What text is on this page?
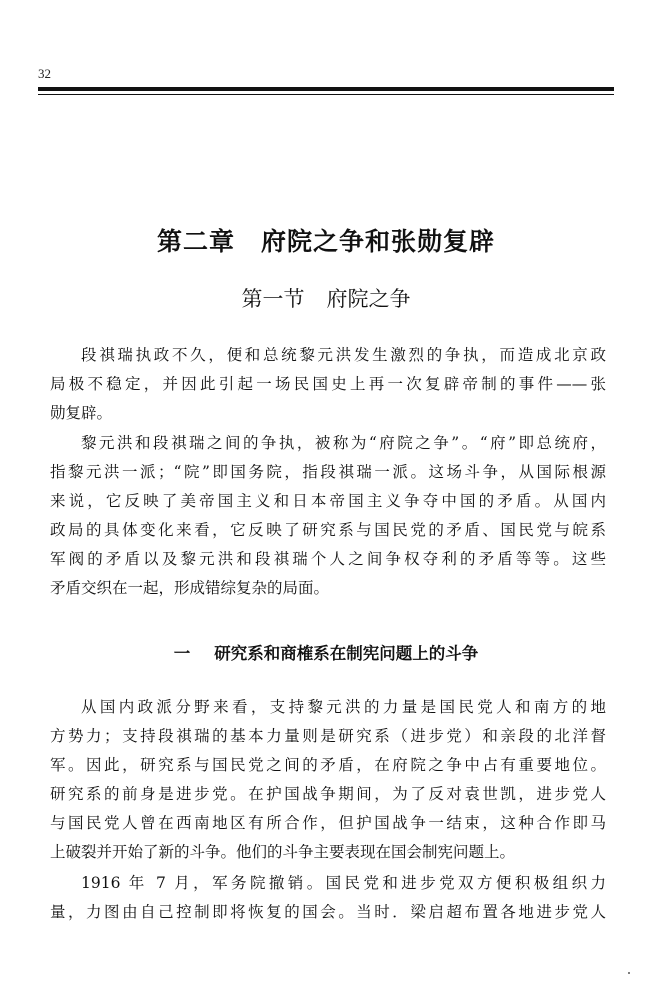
32
第二章 府院之争和张勋复辟
第一节 府院之争

段祺瑞执政不久，便和总统黎元洪发生激烈的争执，而造成北京政
局极不稳定，并因此引起一场民国史上再一次复辟帝制的事件——张
勋复辟。

黎元洪和段祺瑞之间的争执，被称为“府院之争”。“府”即总统府，
指黎元洪一派；“院”即国务院，指段祺瑞一派。这场斗争，从国际根源
来说，它反映了美帝国主义和日本帝国主义争夺中国的矛盾。从国内
政局的具体变化来看，它反映了研究系与国民党的矛盾、国民党与皖系
军阀的矛盾以及黎元洪和段祺瑞个人之间争权夺利的矛盾等等。这些
矛盾交织在一起，形成错综复杂的局面。

一 研究系和商榷系在制宪问题上的斗争

从国内政派分野来看，支持黎元洪的力量是国民党人和南方的地
方势力；支持段祺瑞的基本力量则是研究系（进步党）和亲段的北洋督
军。因此，研究系与国民党之间的矛盾，在府院之争中占有重要地位。
研究系的前身是进步党。在护国战争期间，为了反对袁世凯，进步党人
与国民党人曾在西南地区有所合作，但护国战争一结束，这种合作即马
上破裂并开始了新的斗争。他们的斗争主要表现在国会制宪问题上。

1916 年 7 月，军务院撤销。国民党和进步党双方便积极组织力
量，力图由自己控制即将恢复的国会。当时．梁启超布置各地进步党人
